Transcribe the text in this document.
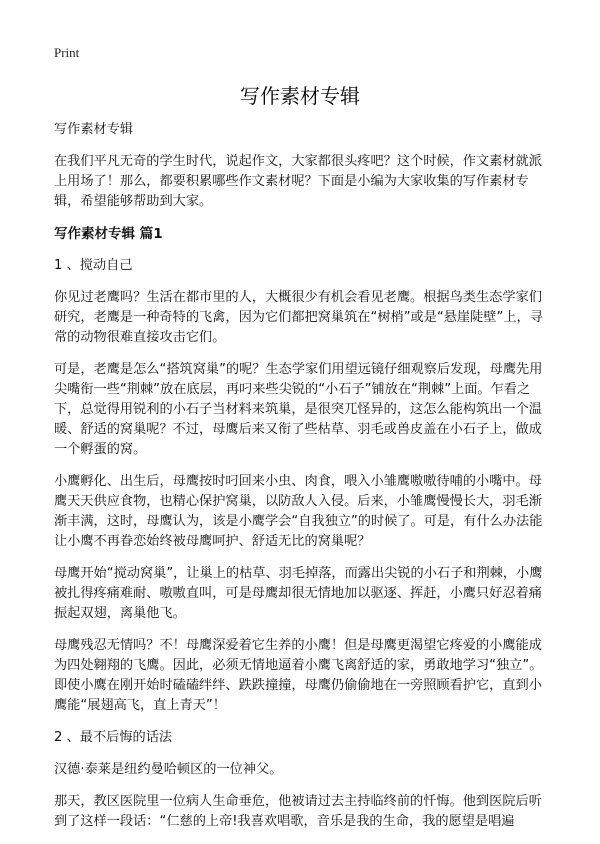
Print
写作素材专辑

写作素材专辑

在我们平凡无奇的学生时代，说起作文，大家都很头疼吧？这个时候，作文素材就派上用场了！那么，都要积累哪些作文素材呢？下面是小编为大家收集的写作素材专辑，希望能够帮助到大家。

写作素材专辑 篇1

1 、搅动自己

你见过老鹰吗？生活在都市里的人，大概很少有机会看见老鹰。根据鸟类生态学家们研究，老鹰是一种奇特的飞禽，因为它们都把窝巢筑在“树梢”或是“悬崖陡壁”上，寻常的动物很难直接攻击它们。

可是，老鹰是怎么“搭筑窝巢”的呢？生态学家们用望远镜仔细观察后发现，母鹰先用尖嘴衔一些“荆棘”放在底层，再叼来些尖锐的“小石子”铺放在“荆棘”上面。乍看之下，总觉得用锐利的小石子当材料来筑巢，是很突兀怪异的，这怎么能构筑出一个温暖、舒适的窝巢呢？不过，母鹰后来又衔了些枯草、羽毛或兽皮盖在小石子上，做成一个孵蛋的窝。

小鹰孵化、出生后，母鹰按时叼回来小虫、肉食，喂入小雏鹰嗷嗷待哺的小嘴中。母鹰天天供应食物，也精心保护窝巢，以防敌人入侵。后来，小雏鹰慢慢长大，羽毛渐渐丰满，这时，母鹰认为，该是小鹰学会“自我独立”的时候了。可是，有什么办法能让小鹰不再眷恋始终被母鹰呵护、舒适无比的窝巢呢？

母鹰开始“搅动窝巢”，让巢上的枯草、羽毛掉落，而露出尖锐的小石子和荆棘，小鹰被扎得疼痛难耐、嗷嗷直叫，可是母鹰却很无情地加以驱逐、挥赶，小鹰只好忍着痛振起双翅，离巢他飞。

母鹰残忍无情吗？不！母鹰深爱着它生养的小鹰！但是母鹰更渴望它疼爱的小鹰能成为四处翱翔的飞鹰。因此，必须无情地逼着小鹰飞离舒适的家，勇敢地学习“独立”。即使小鹰在刚开始时磕磕绊绊、跌跌撞撞，母鹰仍偷偷地在一旁照顾看护它，直到小鹰能“展翅高飞，直上青天”！

2 、最不后悔的话法

汉德·泰莱是纽约曼哈顿区的一位神父。

那天，教区医院里一位病人生命垂危，他被请过去主持临终前的忏悔。他到医院后听到了这样一段话：“仁慈的上帝!我喜欢唱歌，音乐是我的生命，我的愿望是唱遍
